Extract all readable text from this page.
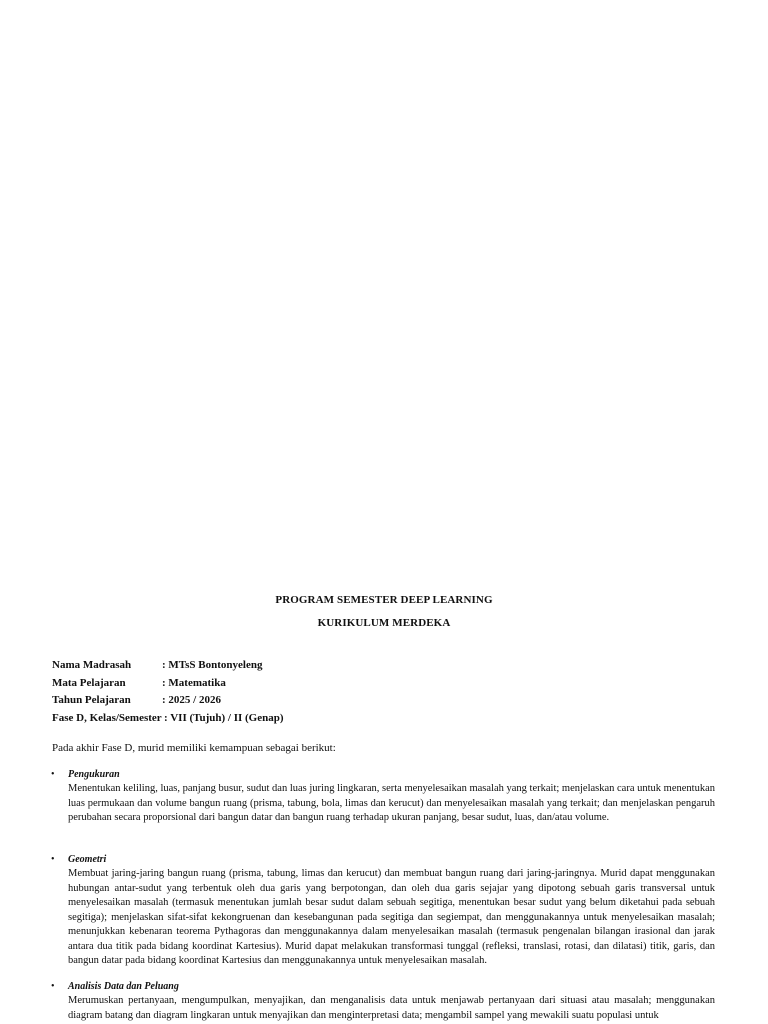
PROGRAM SEMESTER DEEP LEARNING
KURIKULUM MERDEKA
Nama Madrasah	: MTsS Bontonyeleng
Mata Pelajaran	: Matematika
Tahun Pelajaran	: 2025 / 2026
Fase D, Kelas/Semester : VII (Tujuh) / II (Genap)
Pada akhir Fase D, murid memiliki kemampuan sebagai berikut:
• Pengukuran

Menentukan keliling, luas, panjang busur, sudut dan luas juring lingkaran, serta menyelesaikan masalah yang terkait; menjelaskan cara untuk menentukan luas permukaan dan volume bangun ruang (prisma, tabung, bola, limas dan kerucut) dan menyelesaikan masalah yang terkait; dan menjelaskan pengaruh perubahan secara proporsional dari bangun datar dan bangun ruang terhadap ukuran panjang, besar sudut, luas, dan/atau volume.

• Geometri

Membuat jaring-jaring bangun ruang (prisma, tabung, limas dan kerucut) dan membuat bangun ruang dari jaring-jaringnya. Murid dapat menggunakan hubungan antar-sudut yang terbentuk oleh dua garis yang berpotongan, dan oleh dua garis sejajar yang dipotong sebuah garis transversal untuk menyelesaikan masalah (termasuk menentukan jumlah besar sudut dalam sebuah segitiga, menentukan besar sudut yang belum diketahui pada sebuah segitiga); menjelaskan sifat-sifat kekongruenan dan kesebangunan pada segitiga dan segiempat, dan menggunakannya untuk menyelesaikan masalah; menunjukkan kebenaran teorema Pythagoras dan menggunakannya dalam menyelesaikan masalah (termasuk pengenalan bilangan irasional dan jarak antara dua titik pada bidang koordinat Kartesius). Murid dapat melakukan transformasi tunggal (refleksi, translasi, rotasi, dan dilatasi) titik, garis, dan bangun datar pada bidang koordinat Kartesius dan menggunakannya untuk menyelesaikan masalah.

• Analisis Data dan Peluang

Merumuskan pertanyaan, mengumpulkan, menyajikan, dan menganalisis data untuk menjawab pertanyaan dari situasi atau masalah; menggunakan diagram batang dan diagram lingkaran untuk menyajikan dan menginterpretasi data; mengambil sampel yang mewakili suatu populasi untuk
